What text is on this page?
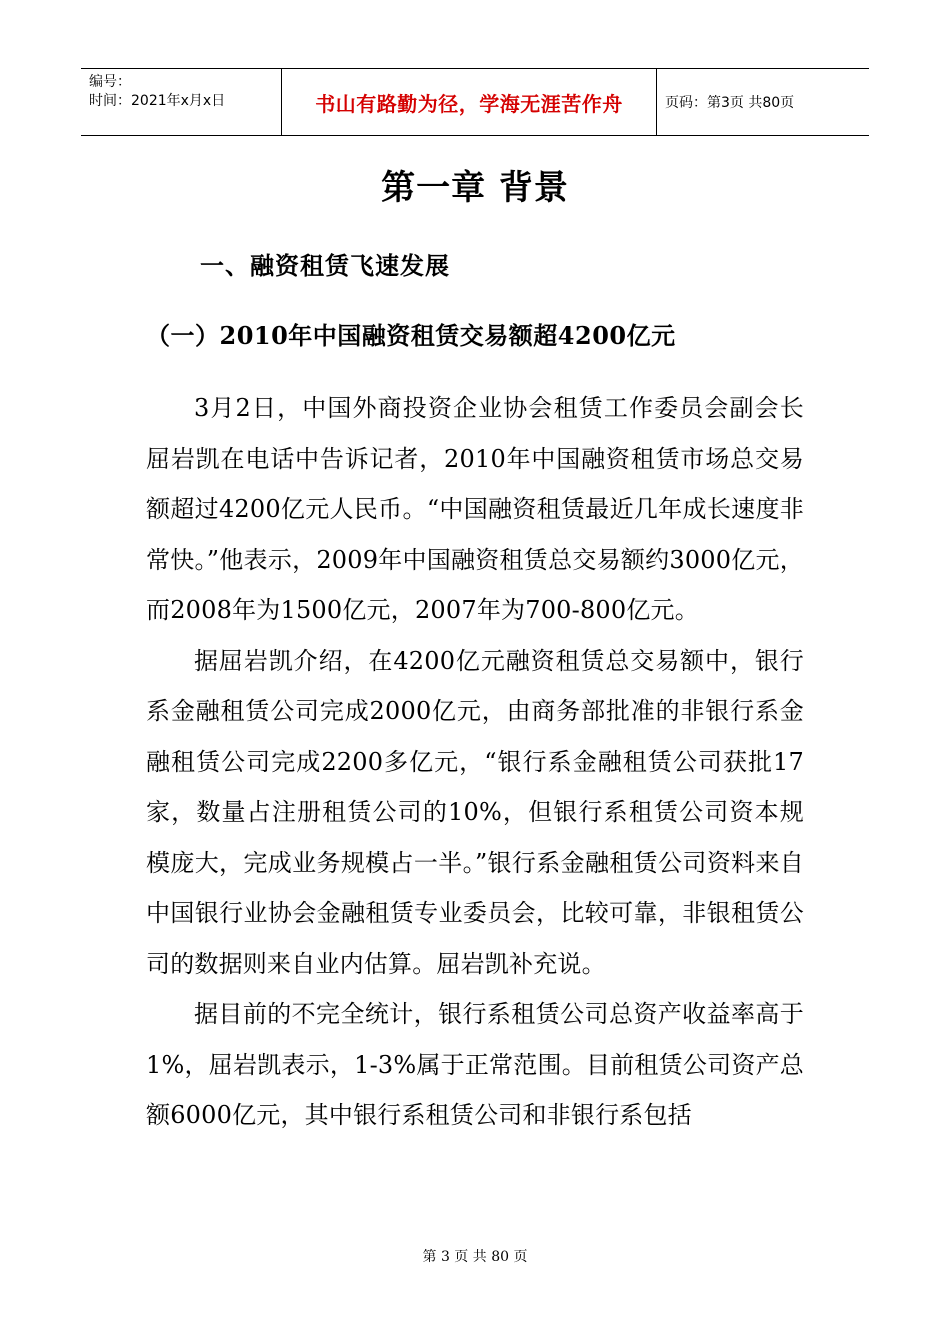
编号：
时间：2021年x月x日	书山有路勤为径，学海无涯苦作舟	页码：第3页 共80页
第一章 背景
一、融资租赁飞速发展
（一）2010年中国融资租赁交易额超4200亿元

3月2日，中国外商投资企业协会租赁工作委员会副会长屈岩凯在电话中告诉记者，2010年中国融资租赁市场总交易额超过4200亿元人民币。“中国融资租赁最近几年成长速度非常快。”他表示，2009年中国融资租赁总交易额约3000亿元，而2008年为1500亿元，2007年为700-800亿元。

据屈岩凯介绍，在4200亿元融资租赁总交易额中，银行系金融租赁公司完成2000亿元，由商务部批准的非银行系金融租赁公司完成2200多亿元，“银行系金融租赁公司获批17家，数量占注册租赁公司的10%，但银行系租赁公司资本规模庞大，完成业务规模占一半。”银行系金融租赁公司资料来自中国银行业协会金融租赁专业委员会，比较可靠，非银租赁公司的数据则来自业内估算。屈岩凯补充说。

据目前的不完全统计，银行系租赁公司总资产收益率高于1%，屈岩凯表示，1-3%属于正常范围。目前租赁公司资产总额6000亿元，其中银行系租赁公司和非银行系包括

第 3 页 共 80 页
